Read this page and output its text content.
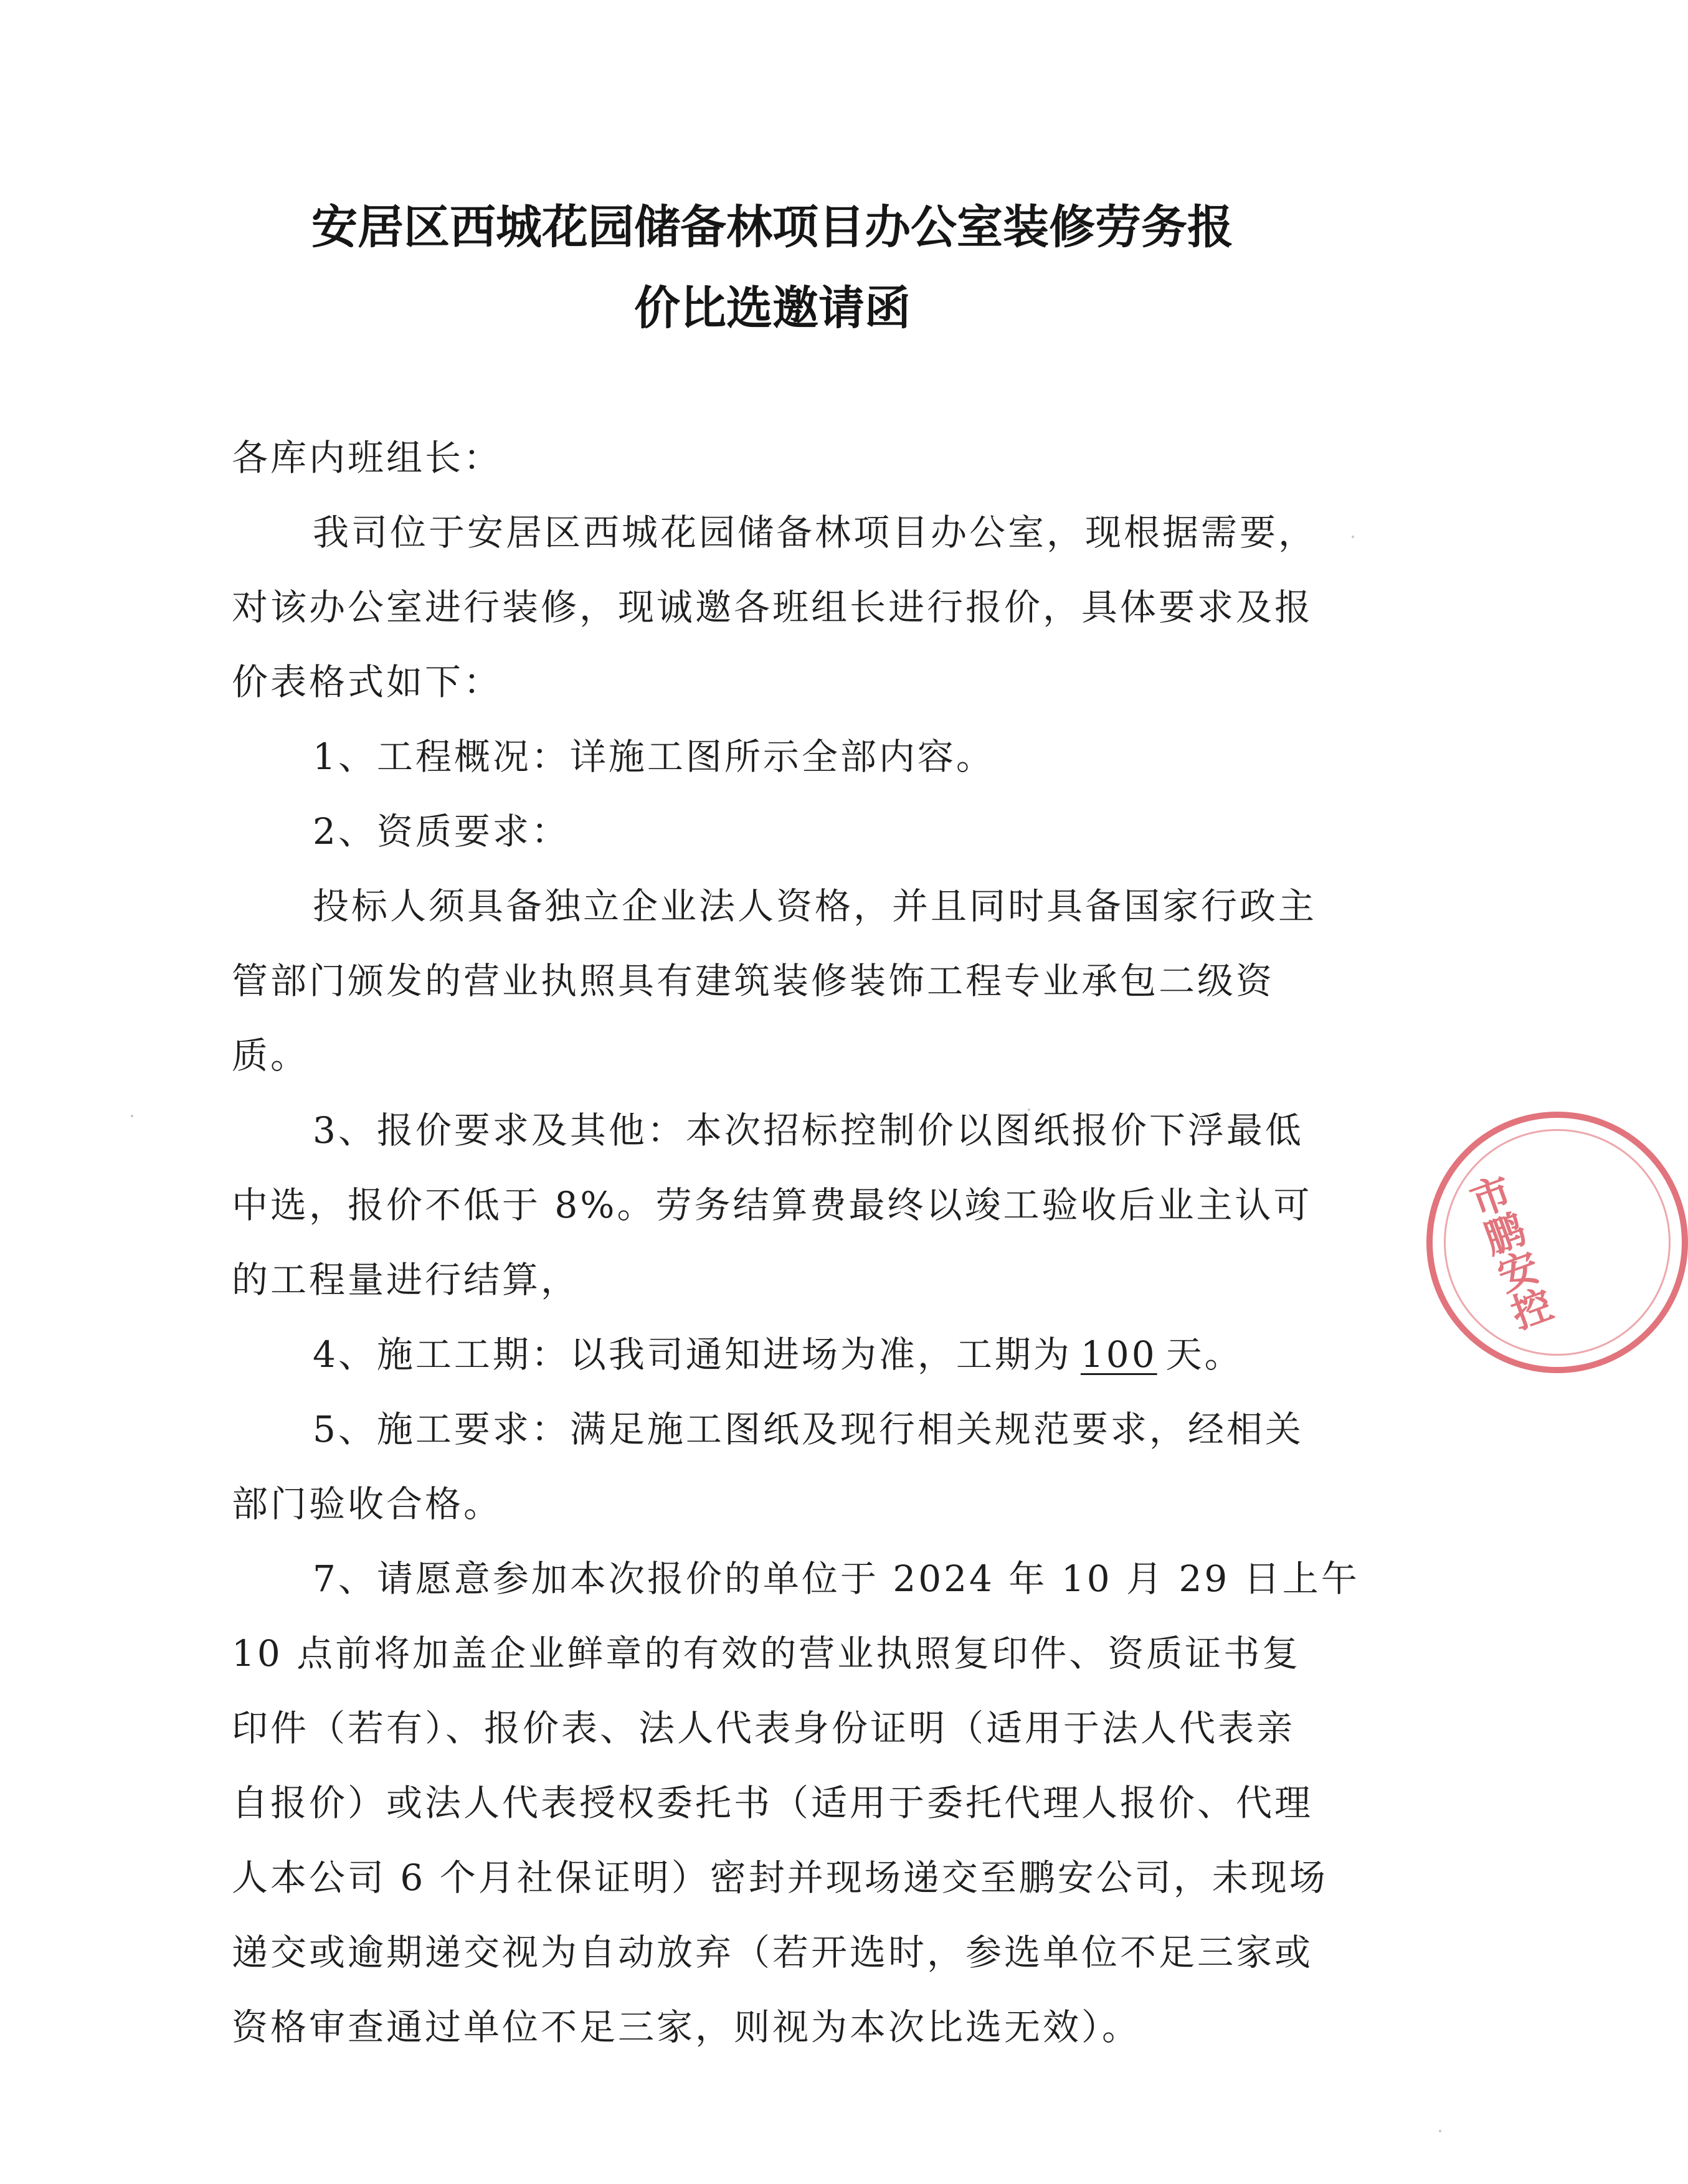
安居区西城花园储备林项目办公室装修劳务报
价比选邀请函
各库内班组长：
我司位于安居区西城花园储备林项目办公室，现根据需要，
对该办公室进行装修，现诚邀各班组长进行报价，具体要求及报
价表格式如下：
1、工程概况：详施工图所示全部内容。
2、资质要求：
投标人须具备独立企业法人资格，并且同时具备国家行政主
管部门颁发的营业执照具有建筑装修装饰工程专业承包二级资
质。
3、报价要求及其他：本次招标控制价以图纸报价下浮最低
中选，报价不低于 8%。劳务结算费最终以竣工验收后业主认可
的工程量进行结算，
4、施工工期：以我司通知进场为准，工期为 100 天。
5、施工要求：满足施工图纸及现行相关规范要求，经相关
部门验收合格。
7、请愿意参加本次报价的单位于 2024 年 10 月 29 日上午
10 点前将加盖企业鲜章的有效的营业执照复印件、资质证书复
印件（若有）、报价表、法人代表身份证明（适用于法人代表亲
自报价）或法人代表授权委托书（适用于委托代理人报价、代理
人本公司 6 个月社保证明）密封并现场递交至鹏安公司，未现场
递交或逾期递交视为自动放弃（若开选时，参选单位不足三家或
资格审查通过单位不足三家，则视为本次比选无效）。
市鹏安控
